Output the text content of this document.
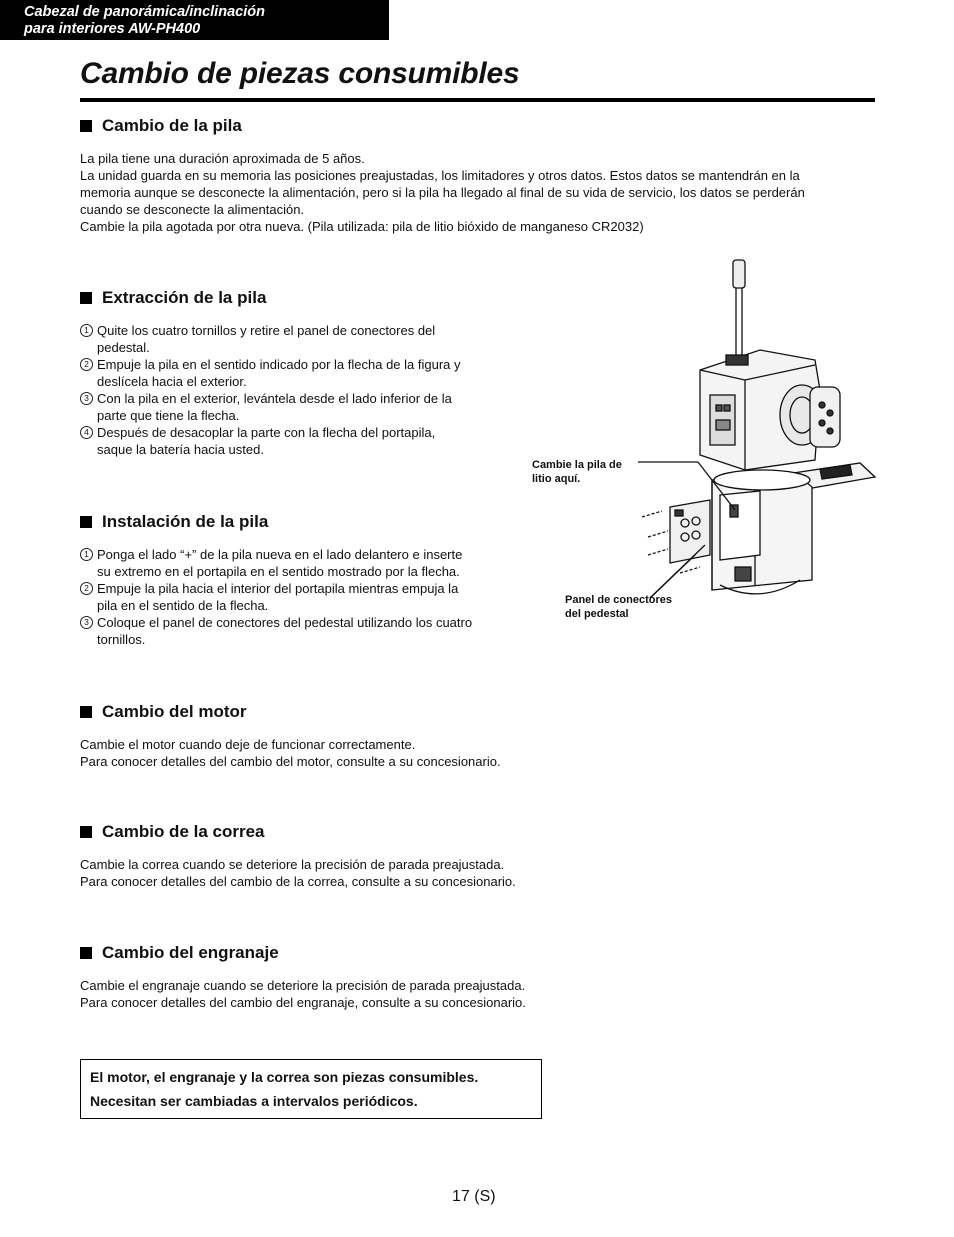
Cabezal de panorámica/inclinación
para interiores AW-PH400
Cambio de piezas consumibles
Cambio de la pila
La pila tiene una duración aproximada de 5 años.
La unidad guarda en su memoria las posiciones preajustadas, los limitadores y otros datos. Estos datos se mantendrán en la
memoria aunque se desconecte la alimentación, pero si la pila ha llegado al final de su vida de servicio, los datos se perderán
cuando se desconecte la alimentación.
Cambie la pila agotada por otra nueva. (Pila utilizada: pila de litio bióxido de manganeso CR2032)
Extracción de la pila
1 Quite los cuatro tornillos y retire el panel de conectores del
pedestal.
2 Empuje la pila en el sentido indicado por la flecha de la figura y
deslícela hacia el exterior.
3 Con la pila en el exterior, levántela desde el lado inferior de la
parte que tiene la flecha.
4 Después de desacoplar la parte con la flecha del portapila,
saque la batería hacia usted.
Instalación de la pila
1 Ponga el lado “+” de la pila nueva en el lado delantero e inserte
su extremo en el portapila en el sentido mostrado por la flecha.
2 Empuje la pila hacia el interior del portapila mientras empuja la
pila en el sentido de la flecha.
3 Coloque el panel de conectores del pedestal utilizando los cuatro
tornillos.
Cambie la pila de
litio aquí.
Panel de conectores
del pedestal
Cambio del motor
Cambie el motor cuando deje de funcionar correctamente.
Para conocer detalles del cambio del motor, consulte a su concesionario.
Cambio de la correa
Cambie la correa cuando se deteriore la precisión de parada preajustada.
Para conocer detalles del cambio de la correa, consulte a su concesionario.
Cambio del engranaje
Cambie el engranaje cuando se deteriore la precisión de parada preajustada.
Para conocer detalles del cambio del engranaje, consulte a su concesionario.
El motor, el engranaje y la correa son piezas consumibles.
Necesitan ser cambiadas a intervalos periódicos.
17 (S)
